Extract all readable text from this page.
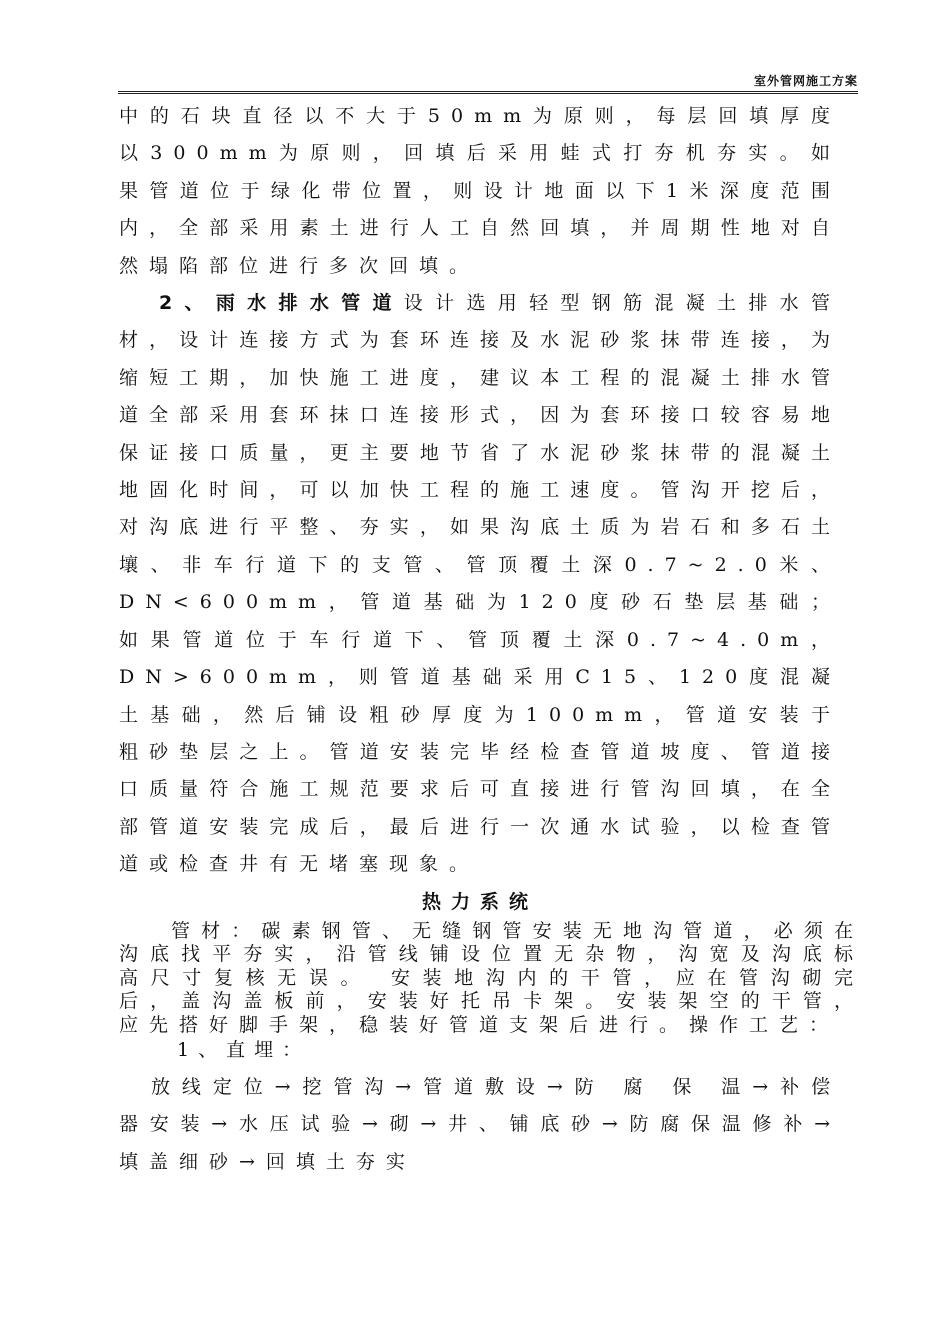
室外管网施工方案

中的石块直径以不大于50mm为原则，每层回填厚度以300mm为原则，回填后采用蛙式打夯机夯实。如果管道位于绿化带位置，则设计地面以下1米深度范围内，全部采用素土进行人工自然回填，并周期性地对自然塌陷部位进行多次回填。

2、雨水排水管道设计选用轻型钢筋混凝土排水管材，设计连接方式为套环连接及水泥砂浆抹带连接，为缩短工期，加快施工进度，建议本工程的混凝土排水管道全部采用套环抹口连接形式，因为套环接口较容易地保证接口质量，更主要地节省了水泥砂浆抹带的混凝土地固化时间，可以加快工程的施工速度。管沟开挖后，对沟底进行平整、夯实，如果沟底土质为岩石和多石土壤、非车行道下的支管、管顶覆土深0.7~2.0米、DN<600mm，管道基础为120度砂石垫层基础；如果管道位于车行道下、管顶覆土深0.7~4.0m，DN>600mm，则管道基础采用C15、120度混凝土基础，然后铺设粗砂厚度为100mm，管道安装于粗砂垫层之上。管道安装完毕经检查管道坡度、管道接口质量符合施工规范要求后可直接进行管沟回填，在全部管道安装完成后，最后进行一次通水试验，以检查管道或检查井有无堵塞现象。

热力系统

管材：碳素钢管、无缝钢管安装无地沟管道，必须在沟底找平夯实，沿管线铺设位置无杂物，沟宽及沟底标高尺寸复核无误。 安装地沟内的干管，应在管沟砌完后，盖沟盖板前，安装好托吊卡架。安装架空的干管，应先搭好脚手架，稳装好管道支架后进行。操作工艺：

1、直埋：

放线定位→挖管沟→管道敷设→防 腐 保 温→补偿器安装→水压试验→砌→井、铺底砂→防腐保温修补→填盖细砂→回填土夯实
